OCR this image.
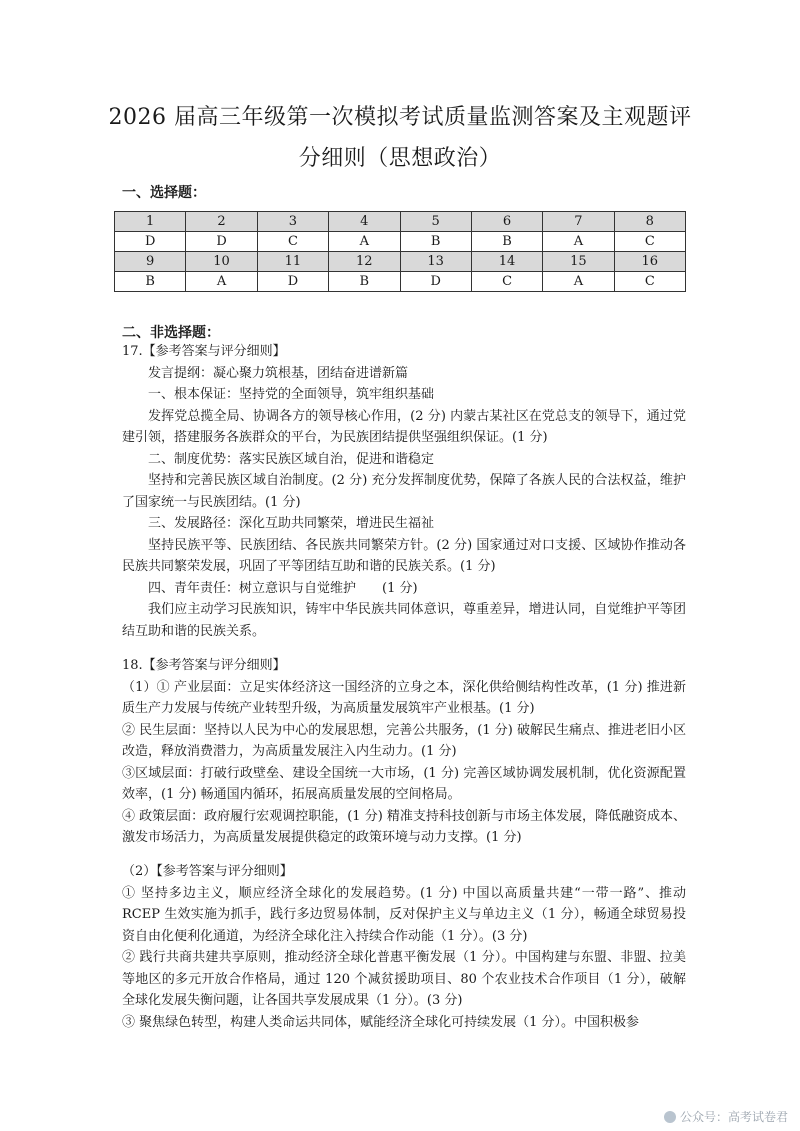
2026 届高三年级第一次模拟考试质量监测答案及主观题评
分细则（思想政治）
一、选择题：
1	2	3	4	5	6	7	8
D	D	C	A	B	B	A	C
9	10	11	12	13	14	15	16
B	A	D	B	D	C	A	C
二、非选择题：

17.【参考答案与评分细则】

发言提纲：凝心聚力筑根基，团结奋进谱新篇

一、根本保证：坚持党的全面领导，筑牢组织基础

发挥党总揽全局、协调各方的领导核心作用，(2 分) 内蒙古某社区在党总支的领导下，通过党建引领，搭建服务各族群众的平台，为民族团结提供坚强组织保证。(1 分)

二、制度优势：落实民族区域自治，促进和谐稳定

坚持和完善民族区域自治制度。(2 分) 充分发挥制度优势，保障了各族人民的合法权益，维护了国家统一与民族团结。(1 分)

三、发展路径：深化互助共同繁荣，增进民生福祉

坚持民族平等、民族团结、各民族共同繁荣方针。(2 分) 国家通过对口支援、区域协作推动各民族共同繁荣发展，巩固了平等团结互助和谐的民族关系。(1 分)

四、青年责任：树立意识与自觉维护　　(1 分)

我们应主动学习民族知识，铸牢中华民族共同体意识，尊重差异，增进认同，自觉维护平等团结互助和谐的民族关系。

18.【参考答案与评分细则】

（1）① 产业层面：立足实体经济这一国经济的立身之本，深化供给侧结构性改革，(1 分) 推进新质生产力发展与传统产业转型升级，为高质量发展筑牢产业根基。(1 分)

② 民生层面：坚持以人民为中心的发展思想，完善公共服务，(1 分) 破解民生痛点、推进老旧小区改造，释放消费潜力，为高质量发展注入内生动力。(1 分)

③区域层面：打破行政壁垒、建设全国统一大市场，(1 分) 完善区域协调发展机制，优化资源配置效率，(1 分) 畅通国内循环，拓展高质量发展的空间格局。

④ 政策层面：政府履行宏观调控职能，(1 分) 精准支持科技创新与市场主体发展，降低融资成本、激发市场活力，为高质量发展提供稳定的政策环境与动力支撑。(1 分)

（2）【参考答案与评分细则】

① 坚持多边主义，顺应经济全球化的发展趋势。(1 分) 中国以高质量共建“一带一路”、推动 RCEP 生效实施为抓手，践行多边贸易体制，反对保护主义与单边主义（1 分），畅通全球贸易投资自由化便利化通道，为经济全球化注入持续合作动能（1 分）。(3 分)

② 践行共商共建共享原则，推动经济全球化普惠平衡发展（1 分）。中国构建与东盟、非盟、拉美等地区的多元开放合作格局，通过 120 个减贫援助项目、80 个农业技术合作项目（1 分），破解全球化发展失衡问题，让各国共享发展成果（1 分）。(3 分)

③ 聚焦绿色转型，构建人类命运共同体，赋能经济全球化可持续发展（1 分）。中国积极参

公众号：高考试卷君
